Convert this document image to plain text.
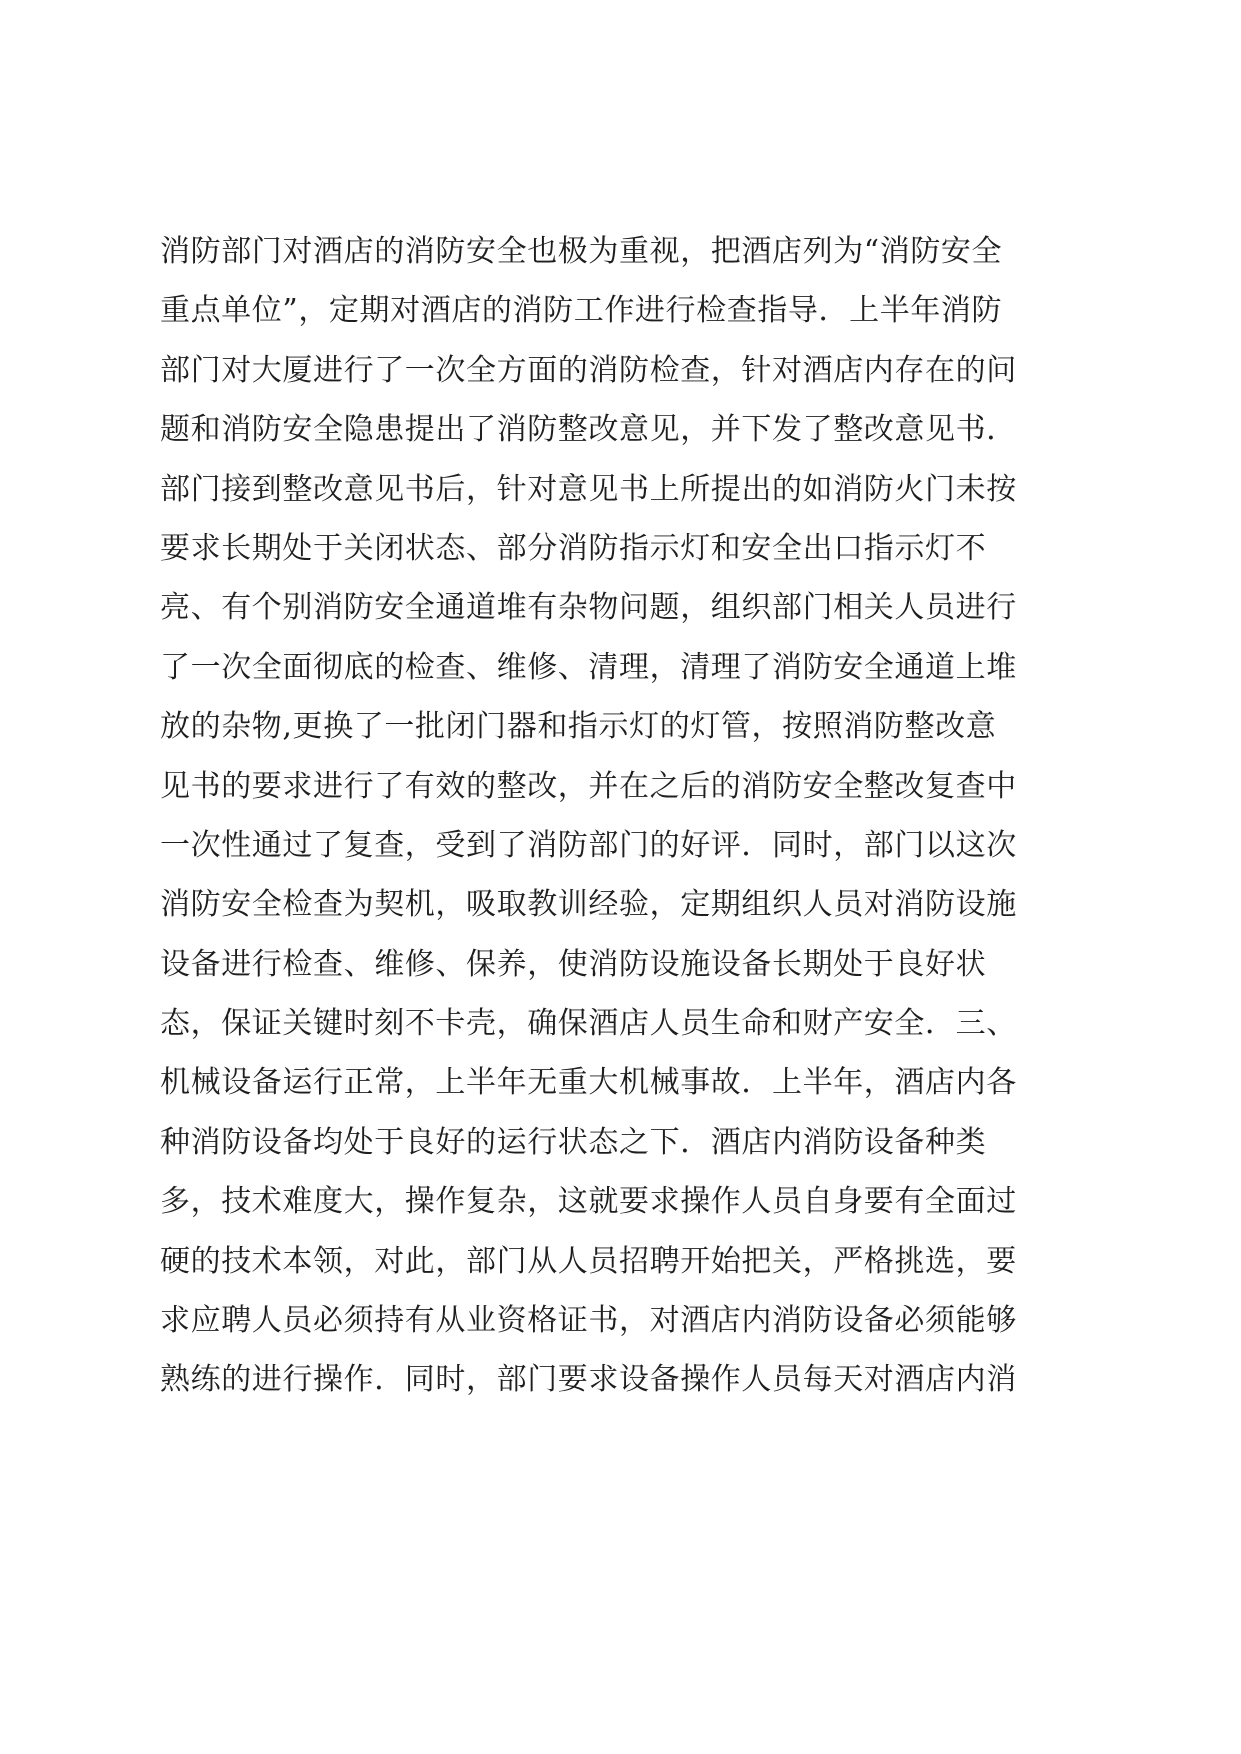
消防部门对酒店的消防安全也极为重视，把酒店列为“消防安全
重点单位”，定期对酒店的消防工作进行检查指导．上半年消防
部门对大厦进行了一次全方面的消防检查，针对酒店内存在的问
题和消防安全隐患提出了消防整改意见，并下发了整改意见书．
部门接到整改意见书后，针对意见书上所提出的如消防火门未按
要求长期处于关闭状态、部分消防指示灯和安全出口指示灯不
亮、有个别消防安全通道堆有杂物问题，组织部门相关人员进行
了一次全面彻底的检查、维修、清理，清理了消防安全通道上堆
放的杂物,更换了一批闭门器和指示灯的灯管，按照消防整改意
见书的要求进行了有效的整改，并在之后的消防安全整改复查中
一次性通过了复查，受到了消防部门的好评．同时，部门以这次
消防安全检查为契机，吸取教训经验，定期组织人员对消防设施
设备进行检查、维修、保养，使消防设施设备长期处于良好状
态，保证关键时刻不卡壳，确保酒店人员生命和财产安全．三、
机械设备运行正常，上半年无重大机械事故．上半年，酒店内各
种消防设备均处于良好的运行状态之下．酒店内消防设备种类
多，技术难度大，操作复杂，这就要求操作人员自身要有全面过
硬的技术本领，对此，部门从人员招聘开始把关，严格挑选，要
求应聘人员必须持有从业资格证书，对酒店内消防设备必须能够
熟练的进行操作．同时，部门要求设备操作人员每天对酒店内消
